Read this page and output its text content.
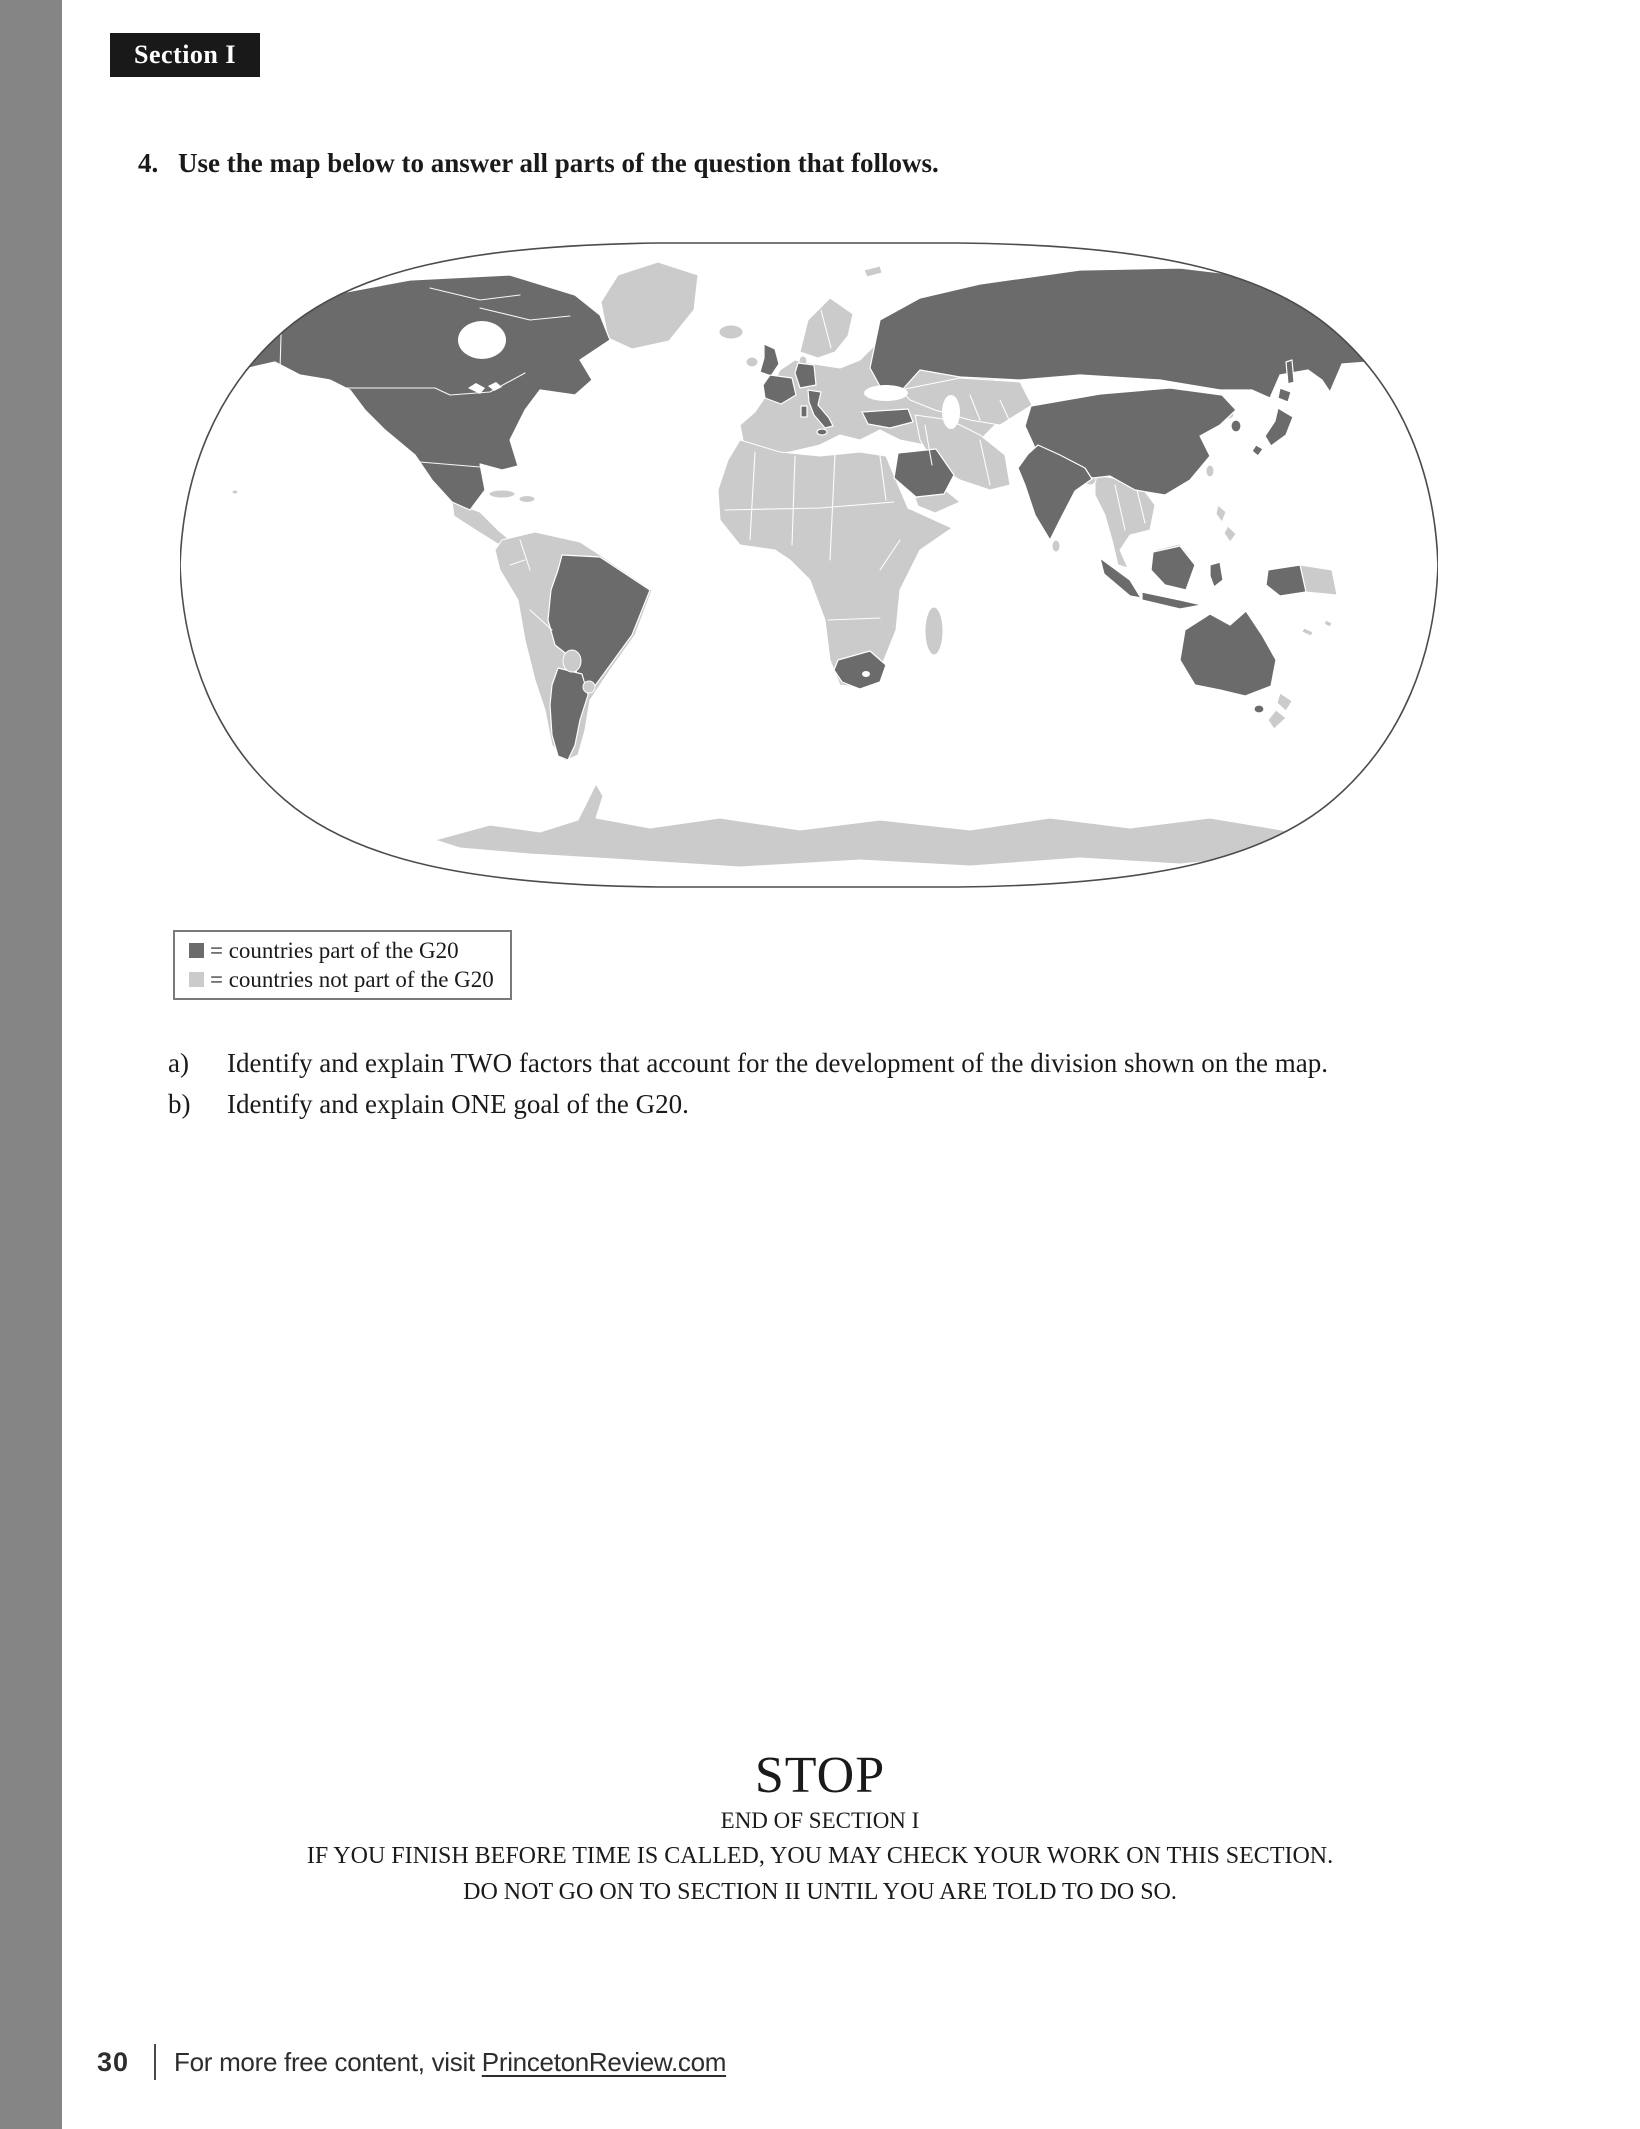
Section I
4. Use the map below to answer all parts of the question that follows.
= countries part of the G20
= countries not part of the G20
a)	Identify and explain TWO factors that account for the development of the division shown on the map.
b)	Identify and explain ONE goal of the G20.
STOP
END OF SECTION I
IF YOU FINISH BEFORE TIME IS CALLED, YOU MAY CHECK YOUR WORK ON THIS SECTION.
DO NOT GO ON TO SECTION II UNTIL YOU ARE TOLD TO DO SO.
30 For more free content, visit PrincetonReview.com
